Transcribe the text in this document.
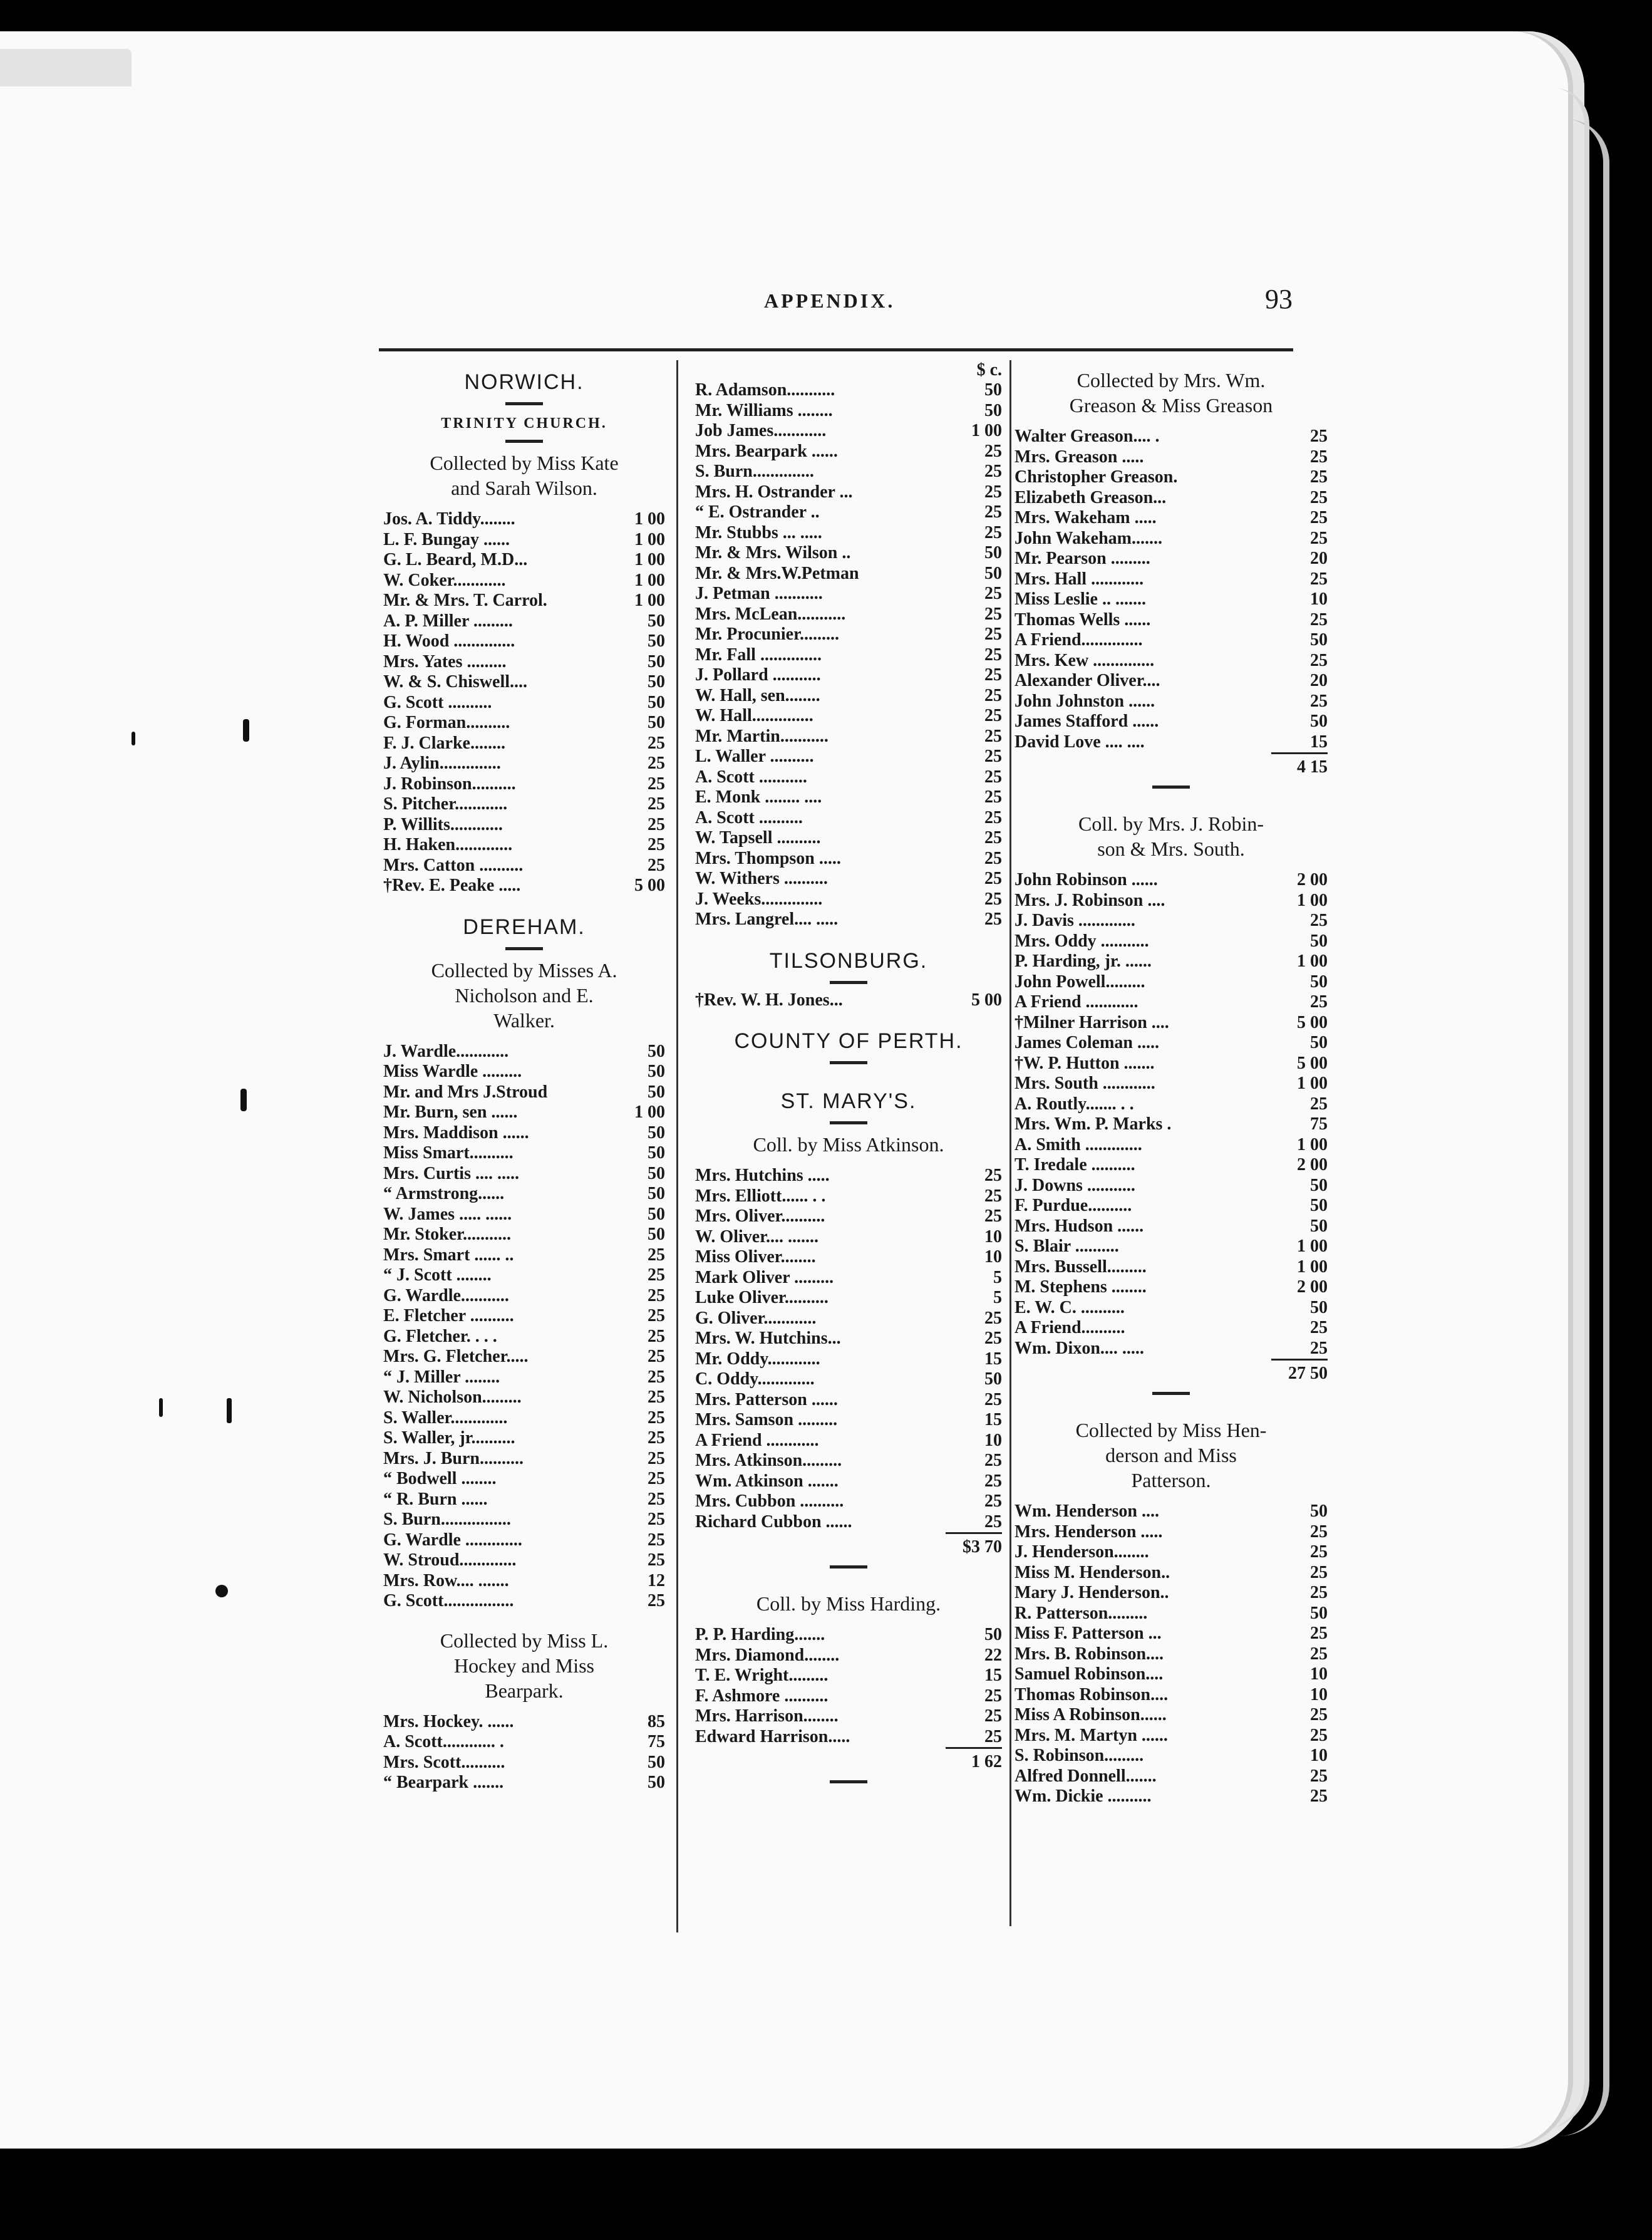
APPENDIX.	93
NORWICH.
TRINITY CHURCH.
Collected by Miss Kate
and Sarah Wilson.
Jos. A. Tiddy........	1 00
L. F. Bungay ......	1 00
G. L. Beard, M.D...	1 00
W. Coker............	1 00
Mr. & Mrs. T. Carrol.	1 00
A. P. Miller .........	50
H. Wood ..............	50
Mrs. Yates .........	50
W. & S. Chiswell....	50
G. Scott ..........	50
G. Forman..........	50
F. J. Clarke........	25
J. Aylin..............	25
J. Robinson..........	25
S. Pitcher............	25
P. Willits............	25
H. Haken.............	25
Mrs. Catton ..........	25
†Rev. E. Peake .....	5 00
DEREHAM.
Collected by Misses A.
Nicholson and E.
Walker.
J. Wardle............	50
Miss Wardle .........	50
Mr. and Mrs J.Stroud	50
Mr. Burn, sen ......	1 00
Mrs. Maddison ......	50
Miss Smart..........	50
Mrs. Curtis .... .....	50
“ Armstrong......	50
W. James ..... ......	50
Mr. Stoker...........	50
Mrs. Smart ...... ..	25
“ J. Scott ........	25
G. Wardle...........	25
E. Fletcher ..........	25
G. Fletcher. . . .	25
Mrs. G. Fletcher.....	25
“ J. Miller ........	25
W. Nicholson.........	25
S. Waller.............	25
S. Waller, jr..........	25
Mrs. J. Burn..........	25
“ Bodwell ........	25
“ R. Burn ......	25
S. Burn................	25
G. Wardle .............	25
W. Stroud.............	25
Mrs. Row.... .......	12
G. Scott................	25
Collected by Miss L.
Hockey and Miss
Bearpark.
Mrs. Hockey. ......	85
A. Scott............ .	75
Mrs. Scott..........	50
“ Bearpark .......	50
$ c.
R. Adamson...........	50
Mr. Williams ........	50
Job James............	1 00
Mrs. Bearpark ......	25
S. Burn..............	25
Mrs. H. Ostrander ...	25
“ E. Ostrander ..	25
Mr. Stubbs ... .....	25
Mr. & Mrs. Wilson ..	50
Mr. & Mrs.W.Petman	50
J. Petman ...........	25
Mrs. McLean...........	25
Mr. Procunier.........	25
Mr. Fall ..............	25
J. Pollard ...........	25
W. Hall, sen........	25
W. Hall..............	25
Mr. Martin...........	25
L. Waller ..........	25
A. Scott ...........	25
E. Monk ........ ....	25
A. Scott ..........	25
W. Tapsell ..........	25
Mrs. Thompson .....	25
W. Withers ..........	25
J. Weeks..............	25
Mrs. Langrel.... .....	25
TILSONBURG.
†Rev. W. H. Jones...	5 00
COUNTY OF PERTH.
ST. MARY'S.
Coll. by Miss Atkinson.
Mrs. Hutchins .....	25
Mrs. Elliott...... . .	25
Mrs. Oliver..........	25
W. Oliver.... .......	10
Miss Oliver........	10
Mark Oliver .........	5
Luke Oliver..........	5
G. Oliver............	25
Mrs. W. Hutchins...	25
Mr. Oddy............	15
C. Oddy.............	50
Mrs. Patterson ......	25
Mrs. Samson .........	15
A Friend ............	10
Mrs. Atkinson.........	25
Wm. Atkinson .......	25
Mrs. Cubbon ..........	25
Richard Cubbon ......	25
$3 70
Coll. by Miss Harding.
P. P. Harding.......	50
Mrs. Diamond........	22
T. E. Wright.........	15
F. Ashmore ..........	25
Mrs. Harrison........	25
Edward Harrison.....	25
1 62
Collected by Mrs. Wm.
Greason & Miss Greason
Walter Greason.... .	25
Mrs. Greason .....	25
Christopher Greason.	25
Elizabeth Greason...	25
Mrs. Wakeham .....	25
John Wakeham.......	25
Mr. Pearson .........	20
Mrs. Hall ............	25
Miss Leslie .. .......	10
Thomas Wells ......	25
A Friend..............	50
Mrs. Kew ..............	25
Alexander Oliver....	20
John Johnston ......	25
James Stafford ......	50
David Love .... ....	15
4 15
Coll. by Mrs. J. Robin-
son & Mrs. South.
John Robinson ......	2 00
Mrs. J. Robinson ....	1 00
J. Davis .............	25
Mrs. Oddy ...........	50
P. Harding, jr. ......	1 00
John Powell.........	50
A Friend ............	25
†Milner Harrison ....	5 00
James Coleman .....	50
†W. P. Hutton .......	5 00
Mrs. South ............	1 00
A. Routly....... . .	25
Mrs. Wm. P. Marks .	75
A. Smith .............	1 00
T. Iredale ..........	2 00
J. Downs ...........	50
F. Purdue..........	50
Mrs. Hudson ......	50
S. Blair ..........	1 00
Mrs. Bussell.........	1 00
M. Stephens ........	2 00
E. W. C. ..........	50
A Friend..........	25
Wm. Dixon.... .....	25
27 50
Collected by Miss Hen-
derson and Miss
Patterson.
Wm. Henderson ....	50
Mrs. Henderson .....	25
J. Henderson........	25
Miss M. Henderson..	25
Mary J. Henderson..	25
R. Patterson.........	50
Miss F. Patterson ...	25
Mrs. B. Robinson....	25
Samuel Robinson....	10
Thomas Robinson....	10
Miss A Robinson......	25
Mrs. M. Martyn ......	25
S. Robinson.........	10
Alfred Donnell.......	25
Wm. Dickie ..........	25
